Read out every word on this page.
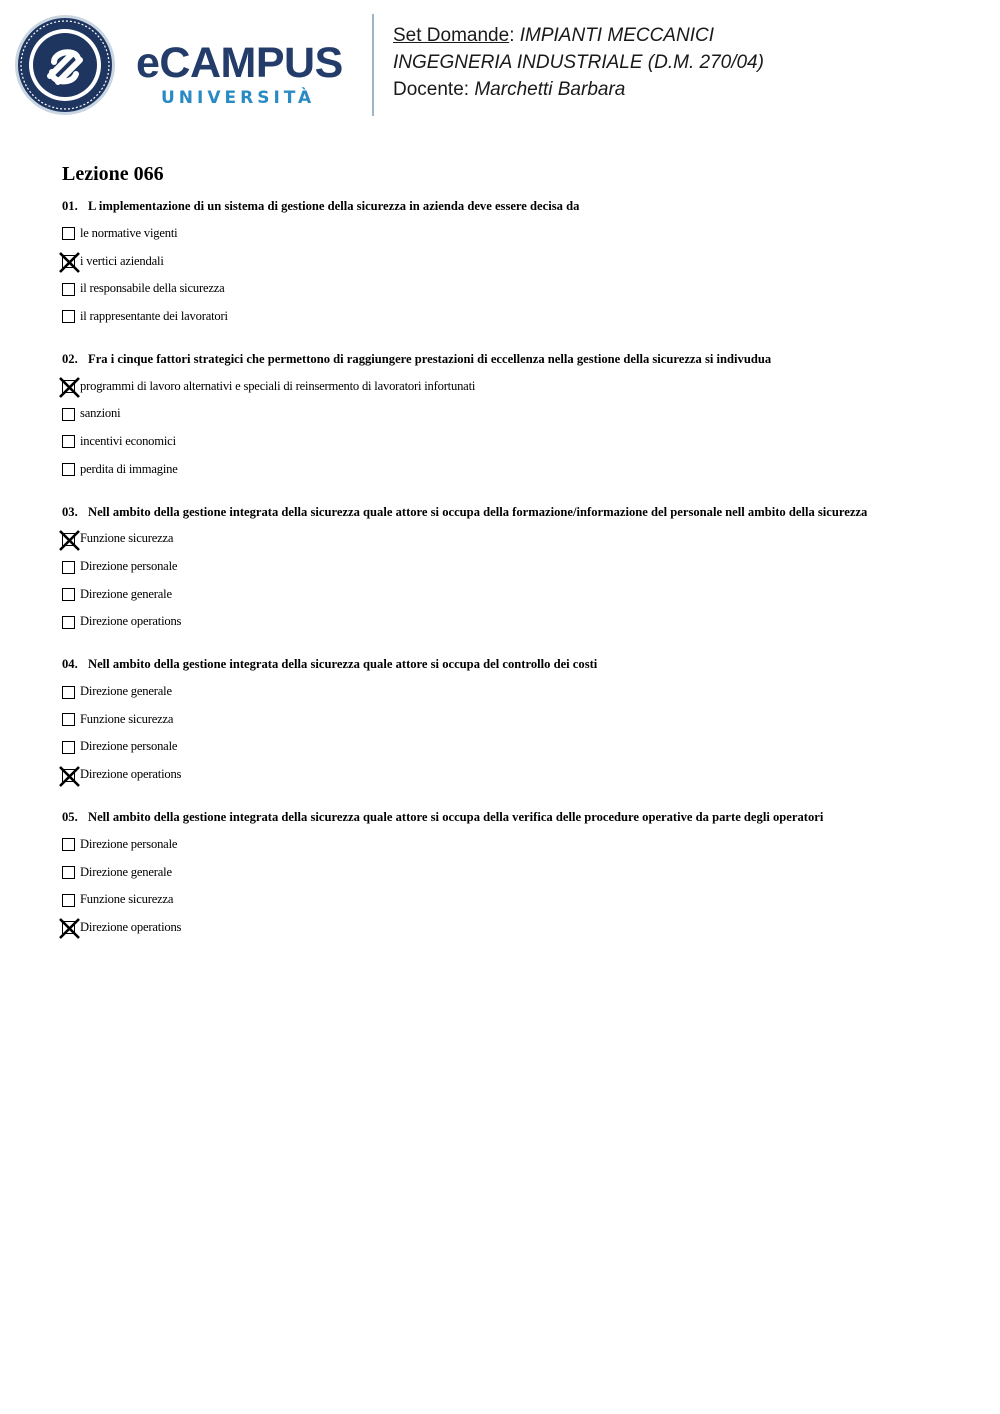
eCAMPUS
UNIVERSITÀ
Set Domande: IMPIANTI MECCANICI
INGEGNERIA INDUSTRIALE (D.M. 270/04)
Docente: Marchetti Barbara
Lezione 066
01. L implementazione di un sistema di gestione della sicurezza in azienda deve essere decisa da
le normative vigenti
i vertici aziendali
il responsabile della sicurezza
il rappresentante dei lavoratori
02. Fra i cinque fattori strategici che permettono di raggiungere prestazioni di eccellenza nella gestione della sicurezza si indivudua
programmi di lavoro alternativi e speciali di reinsermento di lavoratori infortunati
sanzioni
incentivi economici
perdita di immagine
03. Nell ambito della gestione integrata della sicurezza quale attore si occupa della formazione/informazione del personale nell ambito della sicurezza
Funzione sicurezza
Direzione personale
Direzione generale
Direzione operations
04. Nell ambito della gestione integrata della sicurezza quale attore si occupa del controllo dei costi
Direzione generale
Funzione sicurezza
Direzione personale
Direzione operations
05. Nell ambito della gestione integrata della sicurezza quale attore si occupa della verifica delle procedure operative da parte degli operatori
Direzione personale
Direzione generale
Funzione sicurezza
Direzione operations
